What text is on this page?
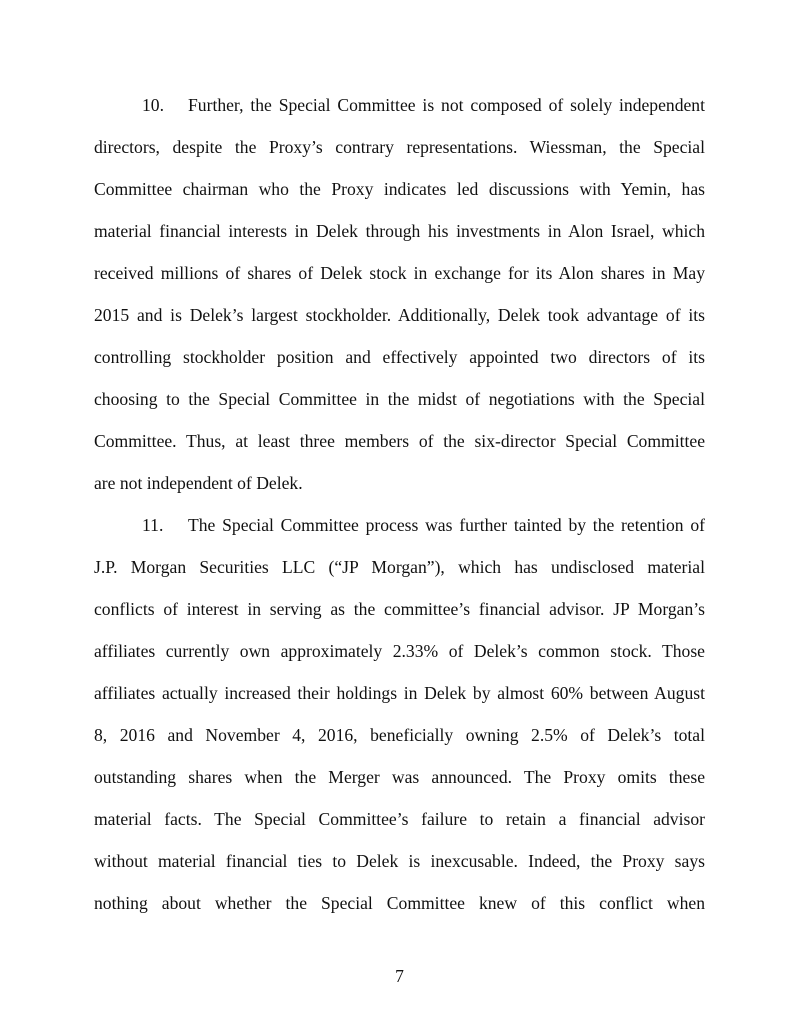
10. Further, the Special Committee is not composed of solely independent
directors, despite the Proxy’s contrary representations. Wiessman, the Special
Committee chairman who the Proxy indicates led discussions with Yemin, has
material financial interests in Delek through his investments in Alon Israel, which
received millions of shares of Delek stock in exchange for its Alon shares in May
2015 and is Delek’s largest stockholder. Additionally, Delek took advantage of its
controlling stockholder position and effectively appointed two directors of its
choosing to the Special Committee in the midst of negotiations with the Special
Committee. Thus, at least three members of the six-director Special Committee
are not independent of Delek.
11. The Special Committee process was further tainted by the retention of
J.P. Morgan Securities LLC (“JP Morgan”), which has undisclosed material
conflicts of interest in serving as the committee’s financial advisor. JP Morgan’s
affiliates currently own approximately 2.33% of Delek’s common stock. Those
affiliates actually increased their holdings in Delek by almost 60% between August
8, 2016 and November 4, 2016, beneficially owning 2.5% of Delek’s total
outstanding shares when the Merger was announced. The Proxy omits these
material facts. The Special Committee’s failure to retain a financial advisor
without material financial ties to Delek is inexcusable. Indeed, the Proxy says
nothing about whether the Special Committee knew of this conflict when
7
